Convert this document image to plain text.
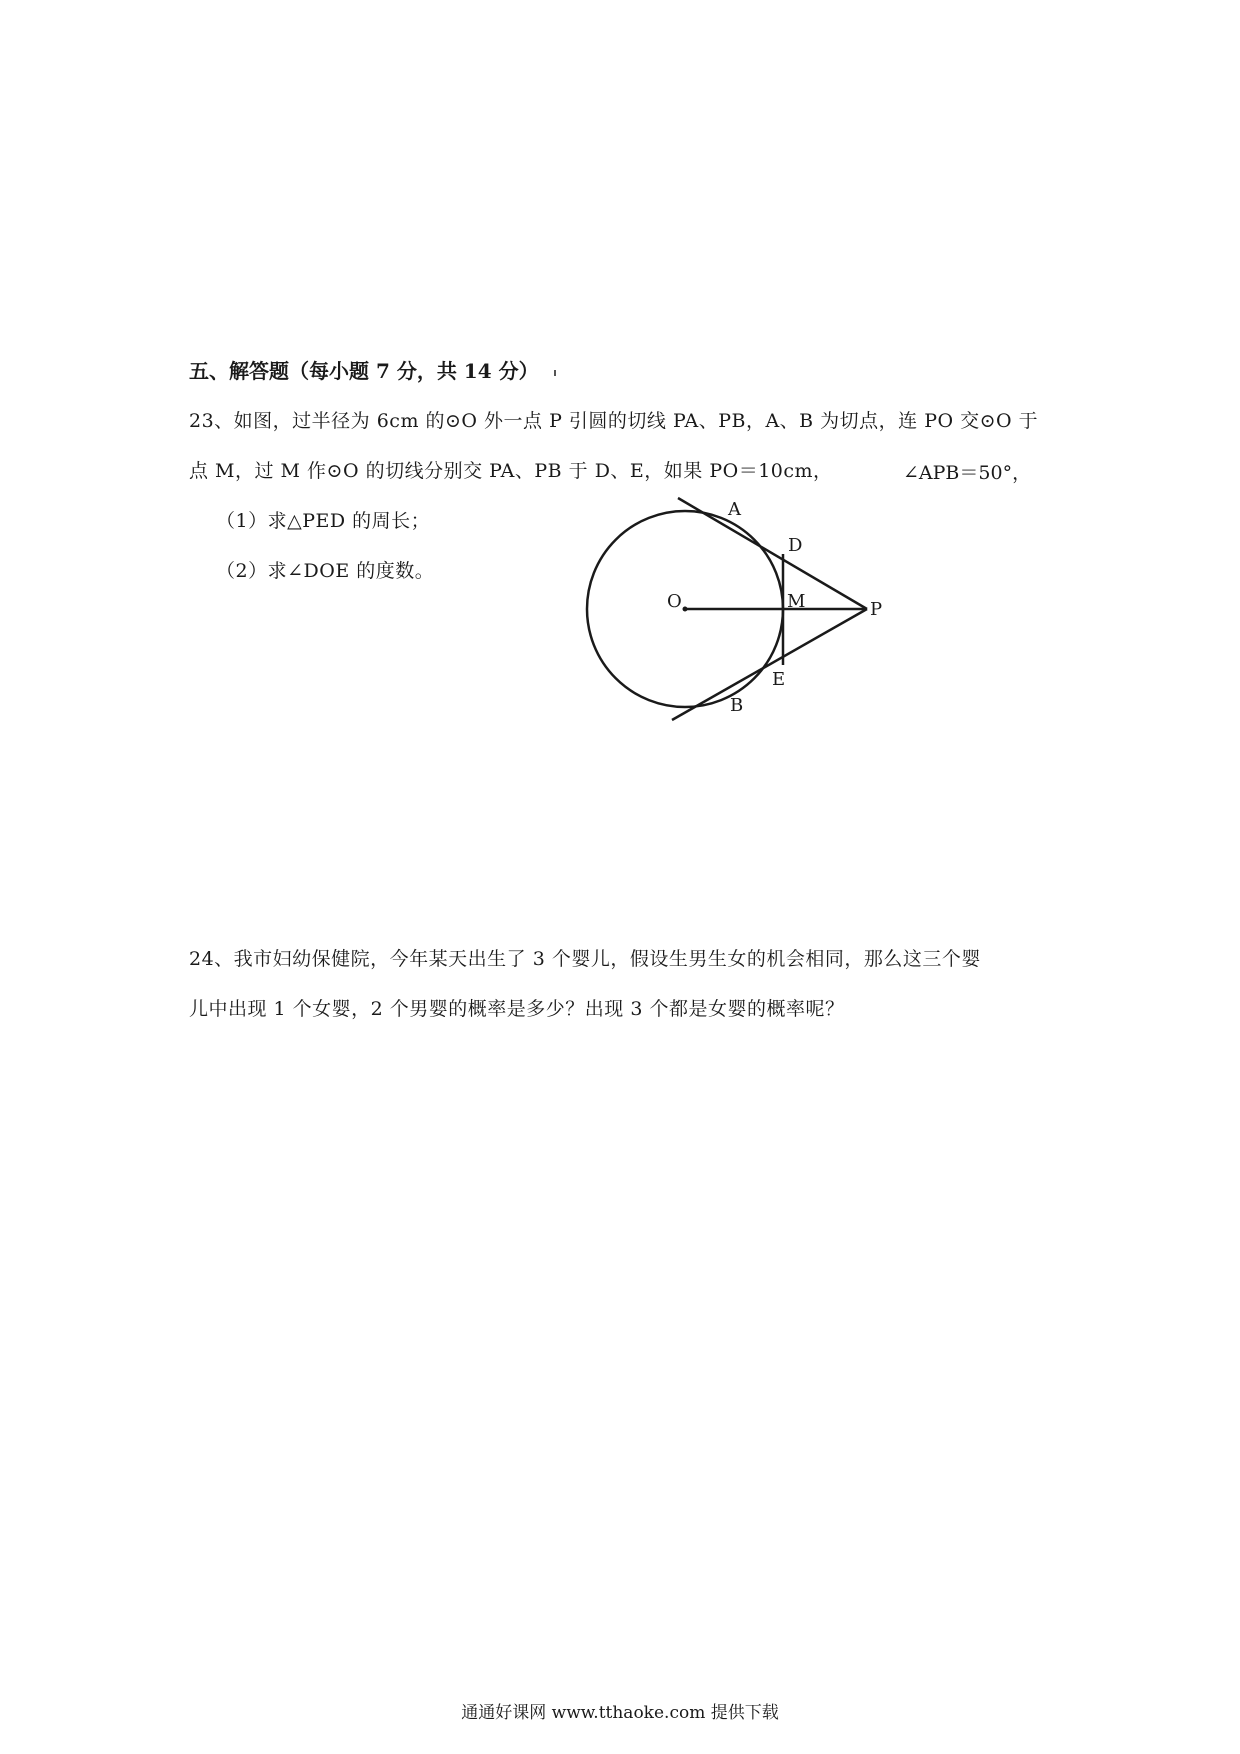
五、解答题（每小题 7 分，共 14 分）
23、如图，过半径为 6cm 的⊙O 外一点 P 引圆的切线 PA、PB，A、B 为切点，连 PO 交⊙O 于
点 M，过 M 作⊙O 的切线分别交 PA、PB 于 D、E，如果 PO＝10cm，	∠APB＝50°，
（1）求△PED 的周长；
（2）求∠DOE 的度数。
A
D
O	M	P
E
B
24、我市妇幼保健院，今年某天出生了 3 个婴儿，假设生男生女的机会相同，那么这三个婴
儿中出现 1 个女婴，2 个男婴的概率是多少？出现 3 个都是女婴的概率呢？
通通好课网 www.tthaoke.com 提供下载
